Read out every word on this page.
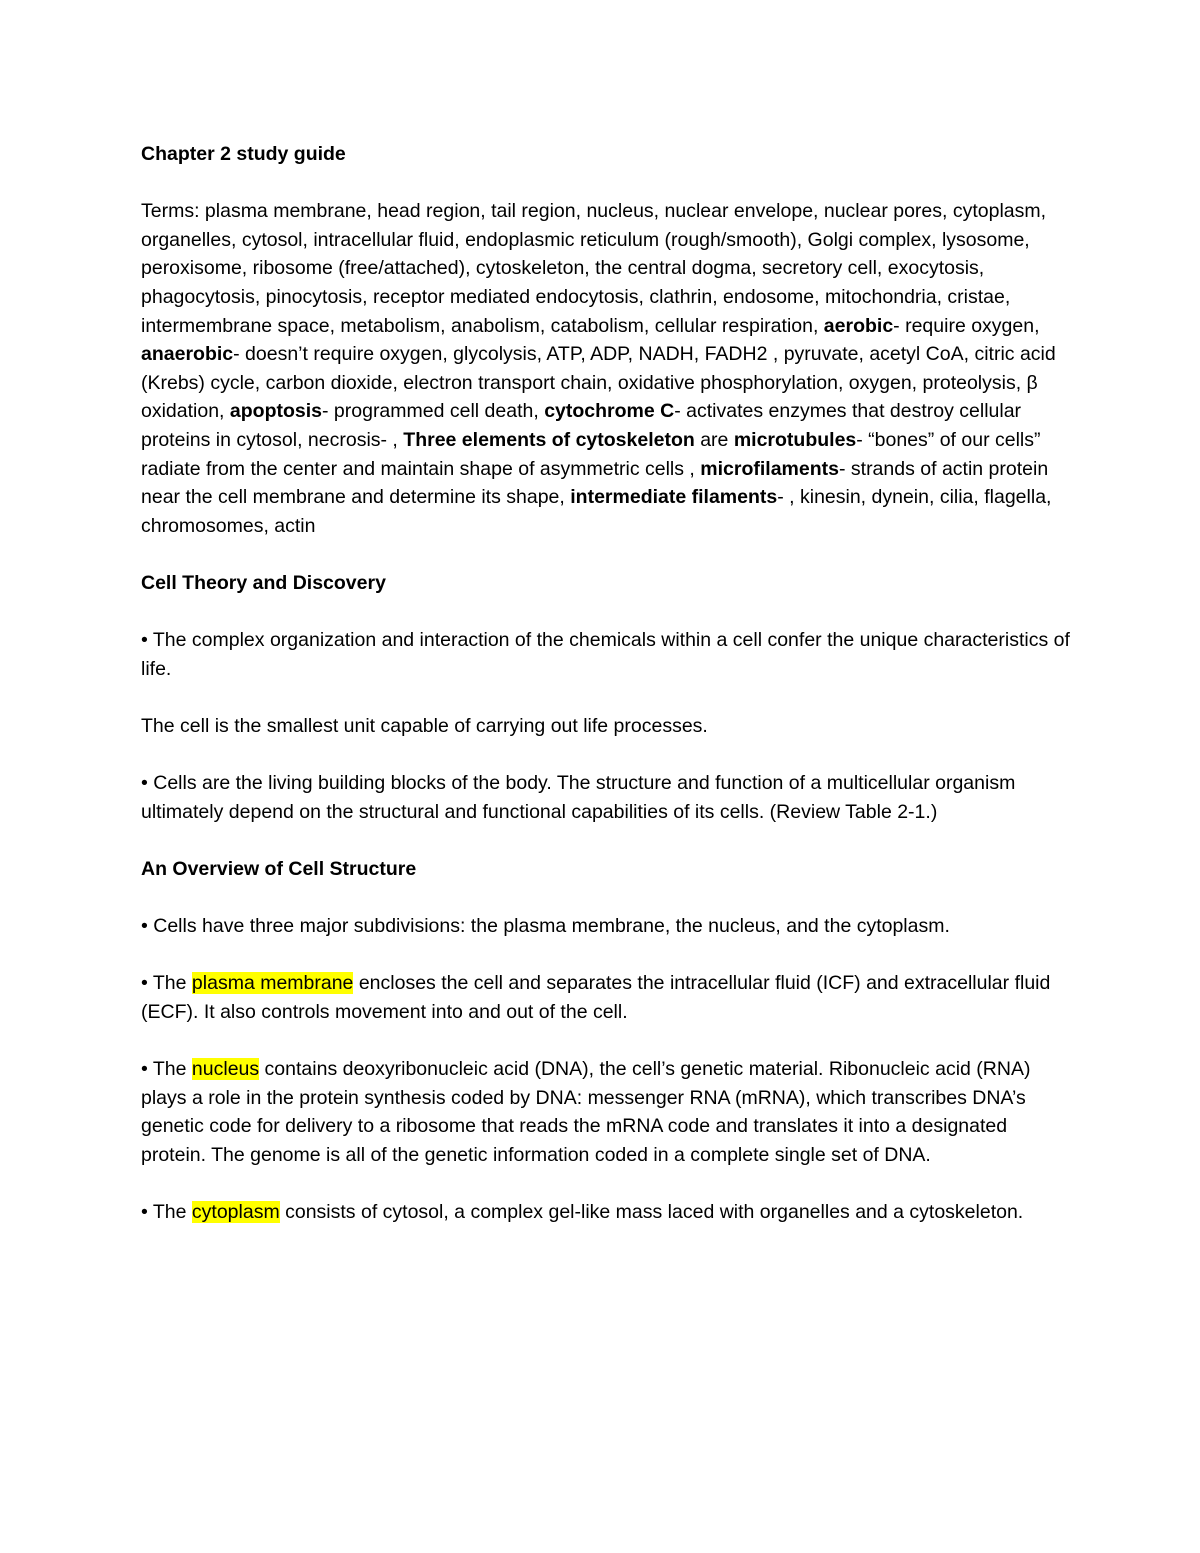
Chapter 2 study guide

Terms: plasma membrane, head region, tail region, nucleus, nuclear envelope, nuclear pores, cytoplasm, organelles, cytosol, intracellular fluid, endoplasmic reticulum (rough/smooth), Golgi complex, lysosome, peroxisome, ribosome (free/attached), cytoskeleton, the central dogma, secretory cell, exocytosis, phagocytosis, pinocytosis, receptor mediated endocytosis, clathrin, endosome, mitochondria, cristae, intermembrane space, metabolism, anabolism, catabolism, cellular respiration, aerobic- require oxygen, anaerobic- doesn’t require oxygen, glycolysis, ATP, ADP, NADH, FADH2 , pyruvate, acetyl CoA, citric acid (Krebs) cycle, carbon dioxide, electron transport chain, oxidative phosphorylation, oxygen, proteolysis, β oxidation, apoptosis- programmed cell death, cytochrome C- activates enzymes that destroy cellular proteins in cytosol, necrosis- , Three elements of cytoskeleton are microtubules- “bones” of our cells” radiate from the center and maintain shape of asymmetric cells , microfilaments- strands of actin protein near the cell membrane and determine its shape, intermediate filaments- , kinesin, dynein, cilia, flagella, chromosomes, actin

Cell Theory and Discovery

• The complex organization and interaction of the chemicals within a cell confer the unique characteristics of life.

The cell is the smallest unit capable of carrying out life processes.

• Cells are the living building blocks of the body. The structure and function of a multicellular organism ultimately depend on the structural and functional capabilities of its cells. (Review Table 2-1.)

An Overview of Cell Structure

• Cells have three major subdivisions: the plasma membrane, the nucleus, and the cytoplasm.

• The plasma membrane encloses the cell and separates the intracellular fluid (ICF) and extracellular fluid (ECF). It also controls movement into and out of the cell.

• The nucleus contains deoxyribonucleic acid (DNA), the cell’s genetic material. Ribonucleic acid (RNA) plays a role in the protein synthesis coded by DNA: messenger RNA (mRNA), which transcribes DNA’s genetic code for delivery to a ribosome that reads the mRNA code and translates it into a designated protein. The genome is all of the genetic information coded in a complete single set of DNA.

• The cytoplasm consists of cytosol, a complex gel-like mass laced with organelles and a cytoskeleton.
